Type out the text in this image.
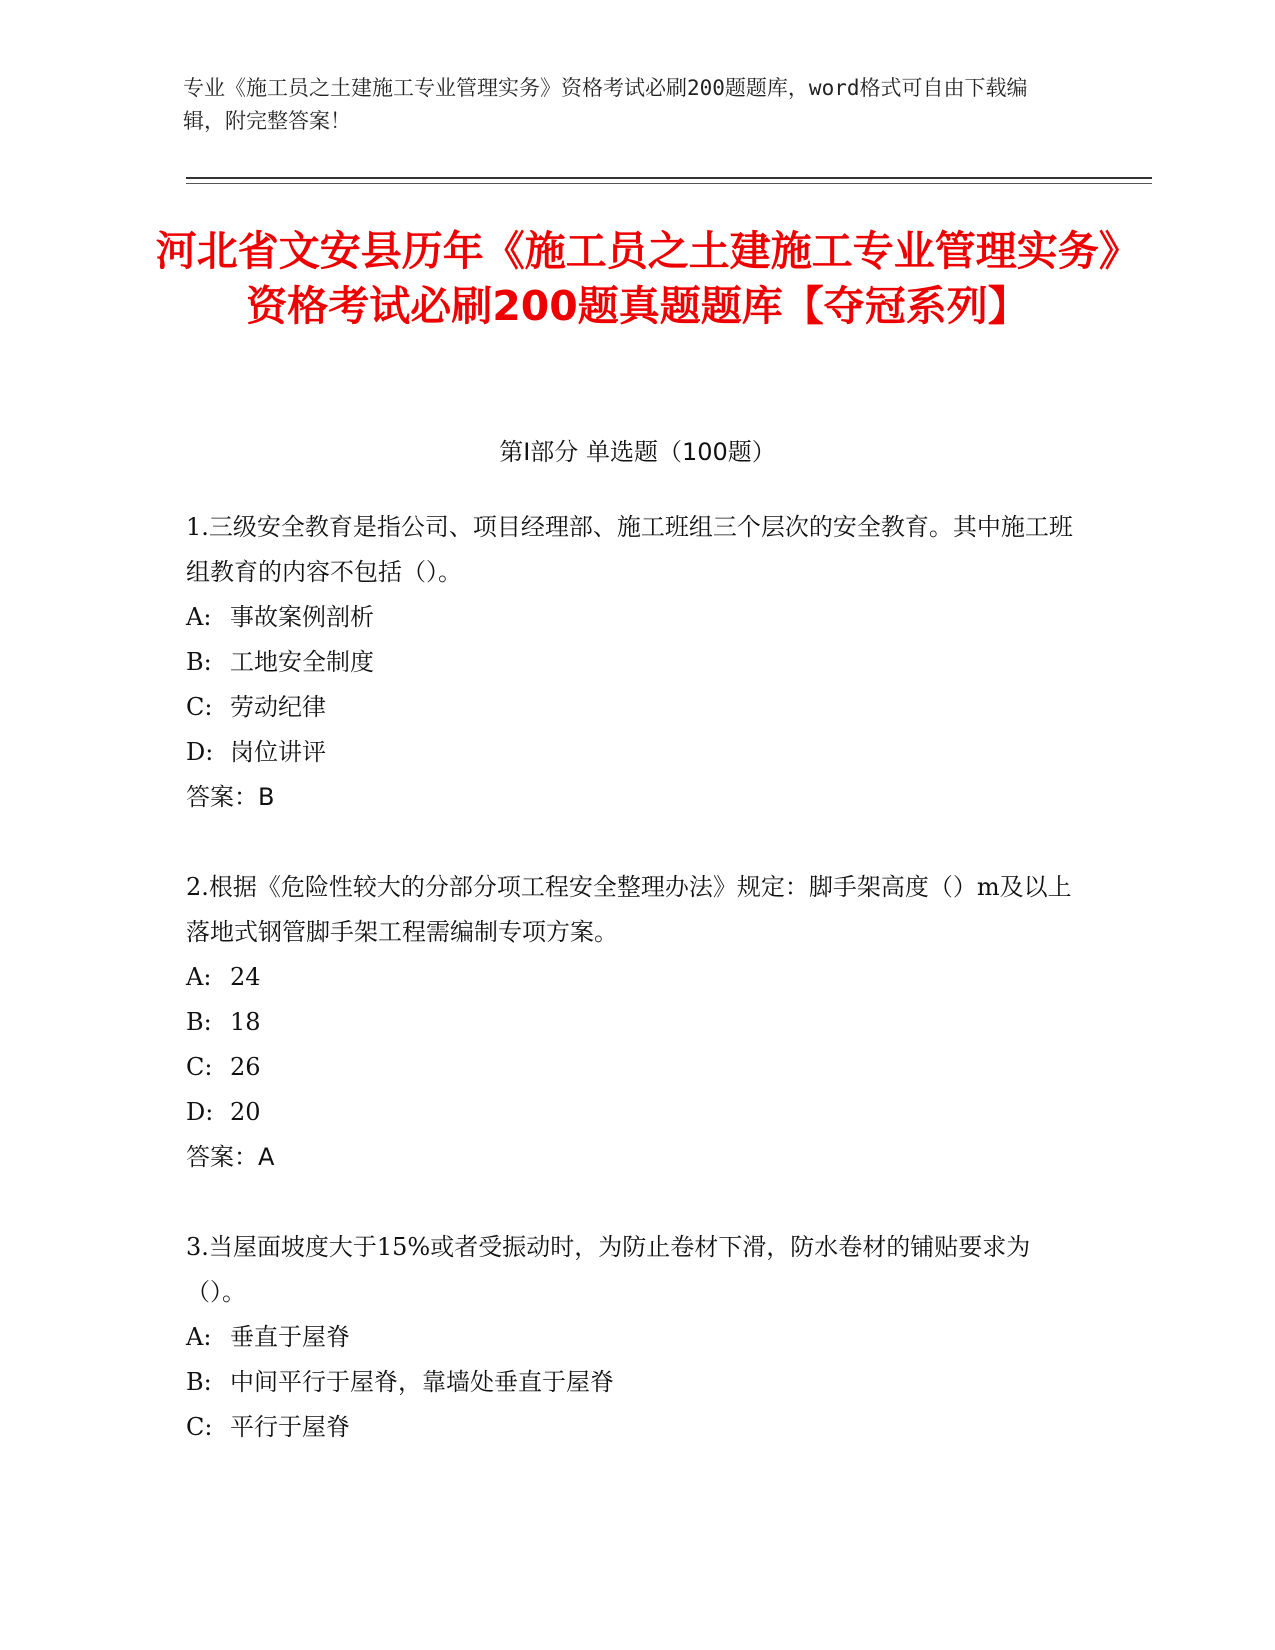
专业《施工员之土建施工专业管理实务》资格考试必刷200题题库，word格式可自由下载编辑，附完整答案！
河北省文安县历年《施工员之土建施工专业管理实务》资格考试必刷200题真题题库【夺冠系列】
第Ⅰ部分 单选题（100题）

1.三级安全教育是指公司、项目经理部、施工班组三个层次的安全教育。其中施工班组教育的内容不包括（）。

A: 事故案例剖析

B: 工地安全制度

C: 劳动纪律

D: 岗位讲评

答案：B

2.根据《危险性较大的分部分项工程安全整理办法》规定：脚手架高度（）m及以上落地式钢管脚手架工程需编制专项方案。

A: 24

B: 18

C: 26

D: 20

答案：A

3.当屋面坡度大于15%或者受振动时，为防止卷材下滑，防水卷材的铺贴要求为（）。

A: 垂直于屋脊

B: 中间平行于屋脊，靠墙处垂直于屋脊

C: 平行于屋脊
